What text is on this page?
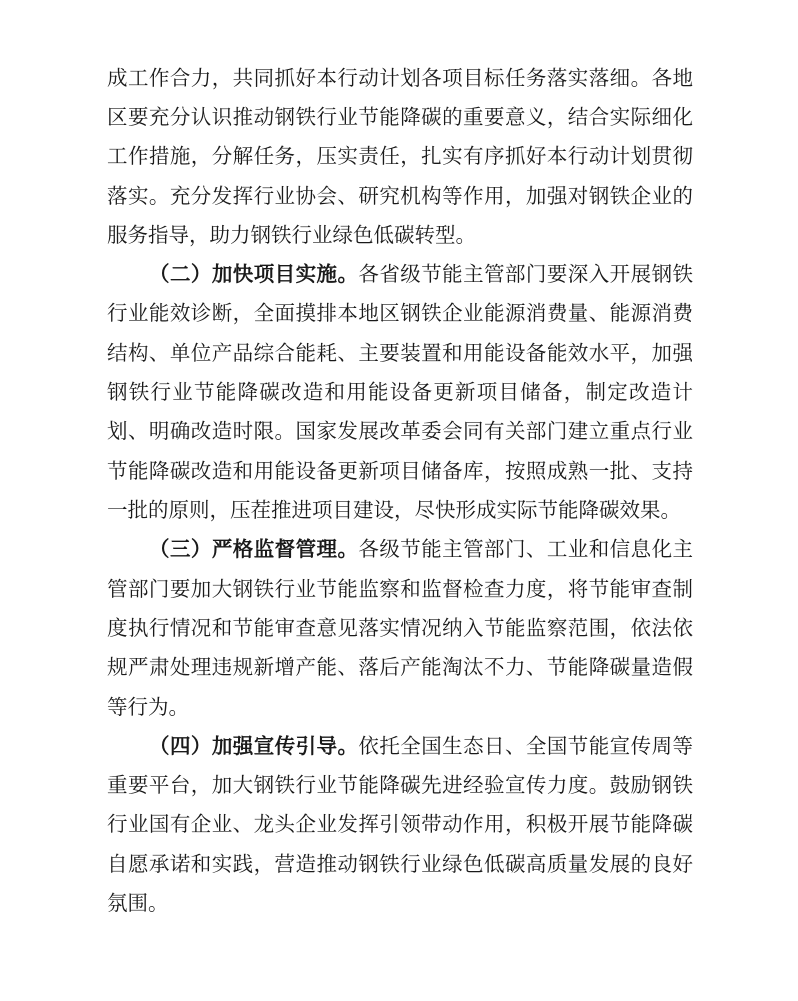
成工作合力，共同抓好本行动计划各项目标任务落实落细。各地
区要充分认识推动钢铁行业节能降碳的重要意义，结合实际细化
工作措施，分解任务，压实责任，扎实有序抓好本行动计划贯彻
落实。充分发挥行业协会、研究机构等作用，加强对钢铁企业的
服务指导，助力钢铁行业绿色低碳转型。
（二）加快项目实施。各省级节能主管部门要深入开展钢铁
行业能效诊断，全面摸排本地区钢铁企业能源消费量、能源消费
结构、单位产品综合能耗、主要装置和用能设备能效水平，加强
钢铁行业节能降碳改造和用能设备更新项目储备，制定改造计
划、明确改造时限。国家发展改革委会同有关部门建立重点行业
节能降碳改造和用能设备更新项目储备库，按照成熟一批、支持
一批的原则，压茬推进项目建设，尽快形成实际节能降碳效果。
（三）严格监督管理。各级节能主管部门、工业和信息化主
管部门要加大钢铁行业节能监察和监督检查力度，将节能审查制
度执行情况和节能审查意见落实情况纳入节能监察范围，依法依
规严肃处理违规新增产能、落后产能淘汰不力、节能降碳量造假
等行为。
（四）加强宣传引导。依托全国生态日、全国节能宣传周等
重要平台，加大钢铁行业节能降碳先进经验宣传力度。鼓励钢铁
行业国有企业、龙头企业发挥引领带动作用，积极开展节能降碳
自愿承诺和实践，营造推动钢铁行业绿色低碳高质量发展的良好
氛围。
